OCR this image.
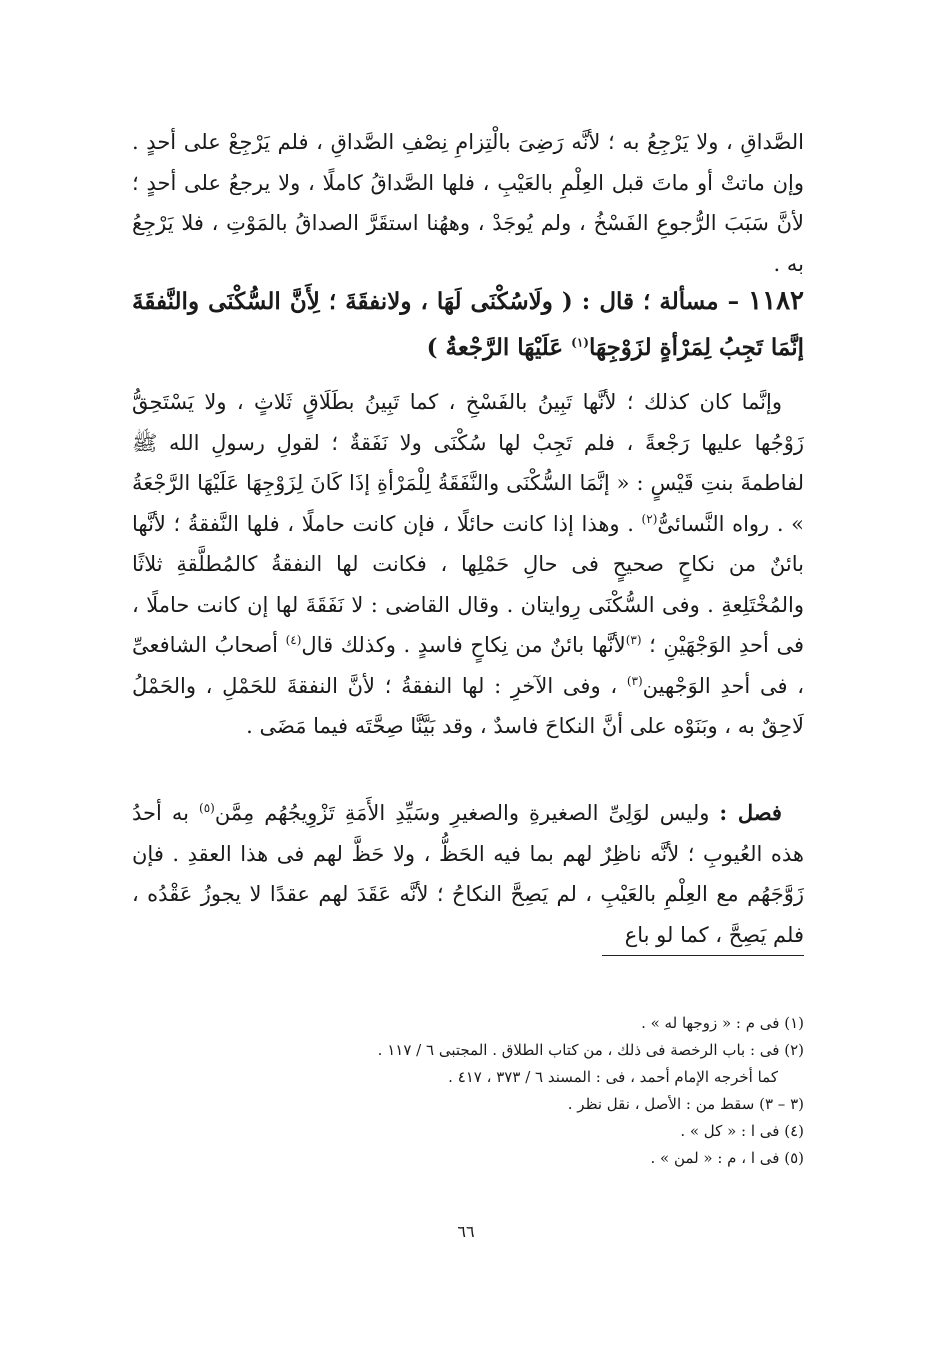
الصَّداقِ ، ولا يَرْجِعُ به ؛ لأنَّه رَضِىَ بالْتِزامِ نِصْفِ الصَّداقِ ، فلم يَرْجِعْ على أحدٍ . وإن ماتتْ أو ماتَ قبل العِلْمِ بالعَيْبِ ، فلها الصَّداقُ كاملًا ، ولا يرجعُ على أحدٍ ؛ لأنَّ سَبَبَ الرُّجوعِ الفَسْخُ ، ولم يُوجَدْ ، وههُنا استقَرَّ الصداقُ بالمَوْتِ ، فلا يَرْجِعُ به .
١١٨٢ – مسألة ؛ قال : ( ولَاسُكْنَى لَهَا ، ولانفقَةَ ؛ لِأَنَّ السُّكْنَى والنَّفقَةَ إنَّمَا تَجِبُ لِمَرْأةٍ لزَوْجِهَا$^{(١)}$ عَلَيْهَا الرَّجْعةُ )
وإنَّما كان كذلك ؛ لأنَّها تَبِينُ بالفَسْخِ ، كما تَبِينُ بطَلَاقٍ ثَلاثٍ ، ولا يَسْتَحِقُّ زَوْجُها عليها رَجْعةً ، فلم تَجِبْ لها سُكْنَى ولا نَفَقةٌ ؛ لقولِ رسولِ الله ﷺ لفاطمةَ بنتِ قَيْسٍ : « إنَّمَا السُّكْنَى والنَّفَقَةُ لِلْمَرْأةِ إذَا كَانَ لِزَوْجِهَا عَلَيْهَا الرَّجْعَةُ » . رواه النَّسائىُّ$^{(٢)}$ . وهذا إذا كانت حائلًا ، فإن كانت حاملًا ، فلها النَّفقةُ ؛ لأنَّها بائنٌ من نكاحٍ صحيحٍ فى حالِ حَمْلِها ، فكانت لها النفقةُ كالمُطلَّقةِ ثلاثًا والمُخْتَلِعةِ . وفى السُّكْنَى رِوايتان . وقال القاضى : لا نَفَقَةَ لها إن كانت حاملًا ، فى أحدِ الوَجْهَيْنِ ؛ $^{(٣)}$لأنَّها بائنٌ من نِكاحٍ فاسدٍ . وكذلك قال$^{(٤)}$ أصحابُ الشافعىِّ ، فى أحدِ الوَجْهين$^{(٣)}$ ، وفى الآخرِ : لها النفقةُ ؛ لأنَّ النفقةَ للحَمْلِ ، والحَمْلُ لَاحِقٌ به ، وبَنَوْه على أنَّ النكاحَ فاسدٌ ، وقد بَيَّنَّا صِحَّتَه فيما مَضَى .
فصل : وليس لوَلِىِّ الصغيرةِ والصغيرِ وسَيِّدِ الأَمَةِ تَزْوِيجُهُم مِمَّن$^{(٥)}$ به أحدُ هذه العُيوبِ ؛ لأنَّه ناظِرٌ لهم بما فيه الحَظُّ ، ولا حَظَّ لهم فى هذا العقدِ . فإن زَوَّجَهُم مع العِلْمِ بالعَيْبِ ، لم يَصِحَّ النكاحُ ؛ لأنَّه عَقَدَ لهم عقدًا لا يجوزُ عَقْدُه ، فلم يَصِحَّ ، كما لو باع
(١) فى م : « زوجها له » .
(٢) فى : باب الرخصة فى ذلك ، من كتاب الطلاق . المجتبى ٦ / ١١٧ .
كما أخرجه الإمام أحمد ، فى : المسند ٦ / ٣٧٣ ، ٤١٧ .
(٣ – ٣) سقط من : الأصل ، نقل نظر .
(٤) فى ا : « كل » .
(٥) فى ا ، م : « لمن » .
٦٦
